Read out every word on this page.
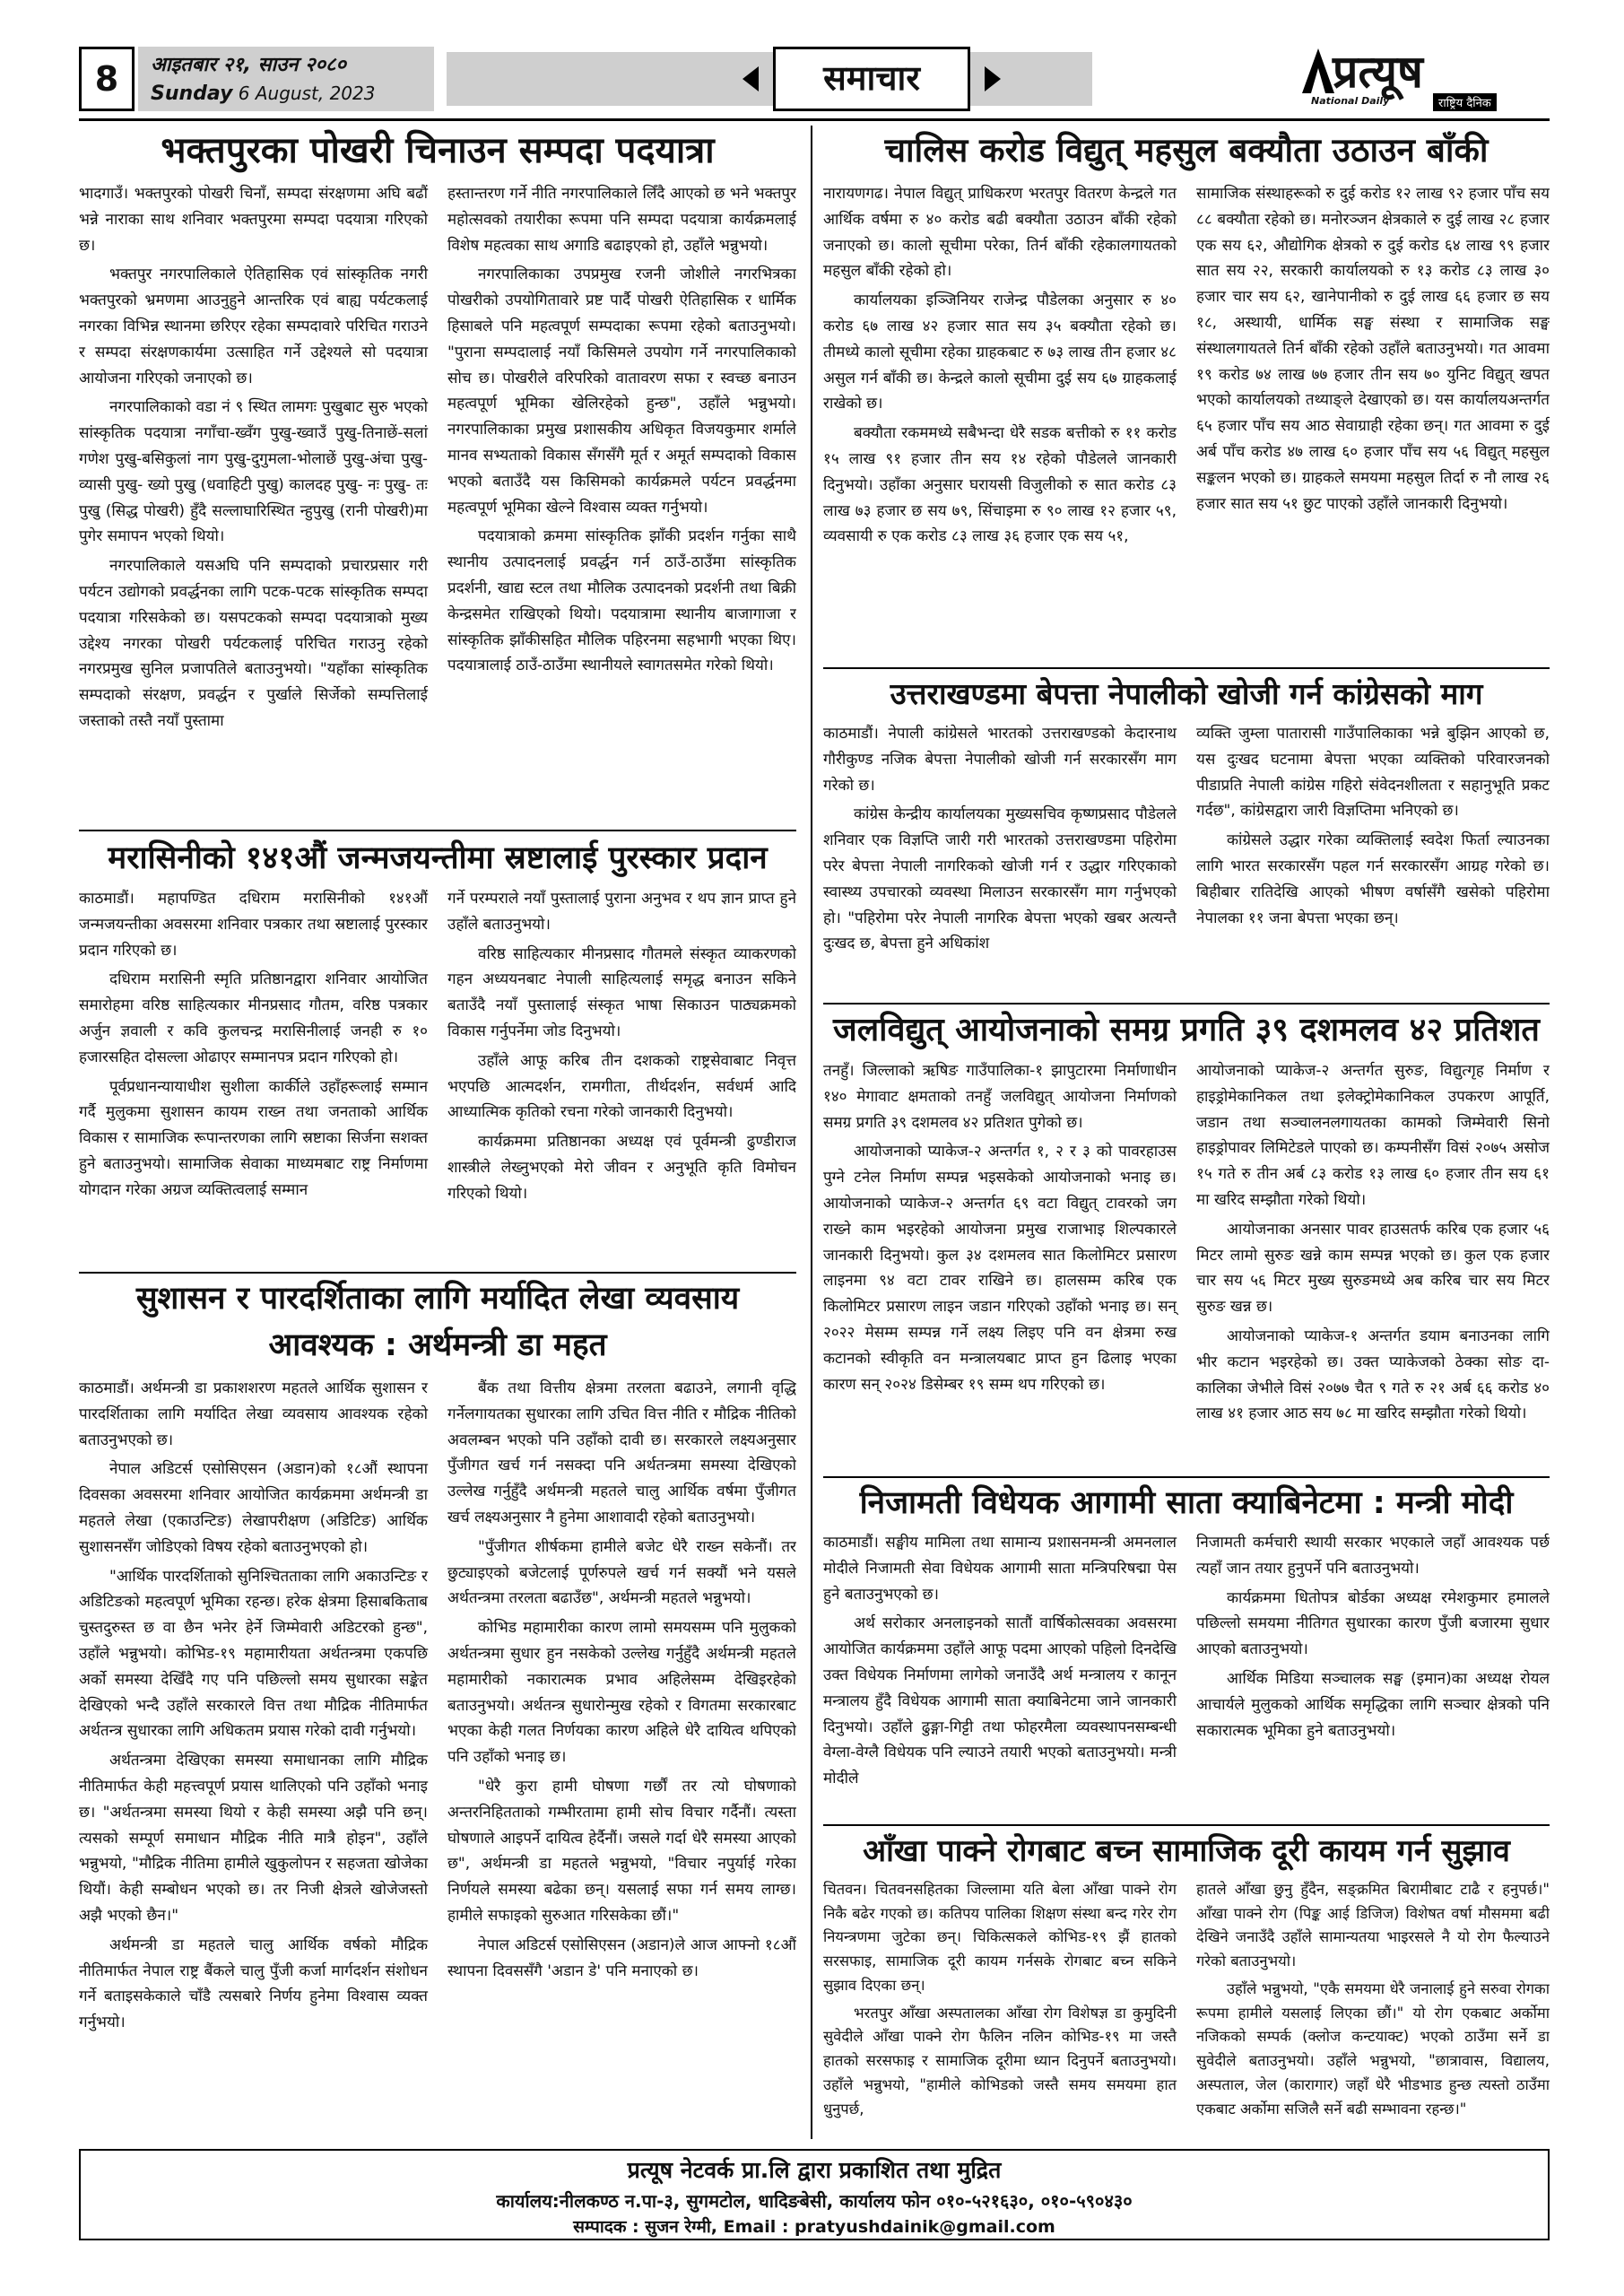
8	आइतबार २१, साउन २०८०
Sunday 6 August, 2023	समाचार	प्रत्यूष
National Daily	राष्ट्रिय दैनिक
भक्तपुरका पोखरी चिनाउन सम्पदा पदयात्रा

भादगाउँ। भक्तपुरको पोखरी चिनाँ, सम्पदा संरक्षणमा अघि बढौं भन्ने नाराका साथ शनिवार भक्तपुरमा सम्पदा पदयात्रा गरिएको छ।

भक्तपुर नगरपालिकाले ऐतिहासिक एवं सांस्कृतिक नगरी भक्तपुरको भ्रमणमा आउनुहुने आन्तरिक एवं बाह्य पर्यटकलाई नगरका विभिन्न स्थानमा छरिएर रहेका सम्पदावारे परिचित गराउने र सम्पदा संरक्षणकार्यमा उत्साहित गर्ने उद्देश्यले सो पदयात्रा आयोजना गरिएको जनाएको छ।

नगरपालिकाको वडा नं ९ स्थित लामगः पुखुबाट सुरु भएको सांस्कृतिक पदयात्रा नगाँचा-ख्वँग पुखु-ख्वाउँ पुखु-तिनाछें-सलां गणेश पुखु-बसिकुलां नाग पुखु-दुगुमला-भोलाछें पुखु-अंचा पुखु- व्यासी पुखु- ख्यो पुखु (धवाहिटी पुखु) कालदह पुखु- नः पुखु- तः पुखु (सिद्ध पोखरी) हुँदै सल्लाघारिस्थित न्हुपुखु (रानी पोखरी)मा पुगेर समापन भएको थियो।

नगरपालिकाले यसअघि पनि सम्पदाको प्रचारप्रसार गरी पर्यटन उद्योगको प्रवर्द्धनका लागि पटक-पटक सांस्कृतिक सम्पदा पदयात्रा गरिसकेको छ। यसपटकको सम्पदा पदयात्राको मुख्य उद्देश्य नगरका पोखरी पर्यटकलाई परिचित गराउनु रहेको नगरप्रमुख सुनिल प्रजापतिले बताउनुभयो। "यहाँका सांस्कृतिक सम्पदाको संरक्षण, प्रवर्द्धन र पुर्खाले सिर्जेको सम्पत्तिलाई जस्ताको तस्तै नयाँ पुस्तामा

हस्तान्तरण गर्ने नीति नगरपालिकाले लिँदै आएको छ भने भक्तपुर महोत्सवको तयारीका रूपमा पनि सम्पदा पदयात्रा कार्यक्रमलाई विशेष महत्वका साथ अगाडि बढाइएको हो, उहाँले भन्नुभयो।

नगरपालिकाका उपप्रमुख रजनी जोशीले नगरभित्रका पोखरीको उपयोगितावारे प्रष्ट पार्दै पोखरी ऐतिहासिक र धार्मिक हिसाबले पनि महत्वपूर्ण सम्पदाका रूपमा रहेको बताउनुभयो। "पुराना सम्पदालाई नयाँ किसिमले उपयोग गर्ने नगरपालिकाको सोच छ। पोखरीले वरिपरिको वातावरण सफा र स्वच्छ बनाउन महत्वपूर्ण भूमिका खेलिरहेको हुन्छ", उहाँले भन्नुभयो। नगरपालिकाका प्रमुख प्रशासकीय अधिकृत विजयकुमार शर्माले मानव सभ्यताको विकास सँगसँगै मूर्त र अमूर्त सम्पदाको विकास भएको बताउँदै यस किसिमको कार्यक्रमले पर्यटन प्रवर्द्धनमा महत्वपूर्ण भूमिका खेल्ने विश्वास व्यक्त गर्नुभयो।

पदयात्राको क्रममा सांस्कृतिक झाँकी प्रदर्शन गर्नुका साथै स्थानीय उत्पादनलाई प्रवर्द्धन गर्न ठाउँ-ठाउँमा सांस्कृतिक प्रदर्शनी, खाद्य स्टल तथा मौलिक उत्पादनको प्रदर्शनी तथा बिक्री केन्द्रसमेत राखिएको थियो। पदयात्रामा स्थानीय बाजागाजा र सांस्कृतिक झाँकीसहित मौलिक पहिरनमा सहभागी भएका थिए। पदयात्रालाई ठाउँ-ठाउँमा स्थानीयले स्वागतसमेत गरेको थियो।

मरासिनीको १४१औं जन्मजयन्तीमा स्रष्टालाई पुरस्कार प्रदान

काठमाडौं। महापण्डित दधिराम मरासिनीको १४१औं जन्मजयन्तीका अवसरमा शनिवार पत्रकार तथा स्रष्टालाई पुरस्कार प्रदान गरिएको छ।

दधिराम मरासिनी स्मृति प्रतिष्ठानद्वारा शनिवार आयोजित समारोहमा वरिष्ठ साहित्यकार मीनप्रसाद गौतम, वरिष्ठ पत्रकार अर्जुन ज्ञवाली र कवि कुलचन्द्र मरासिनीलाई जनही रु १० हजारसहित दोसल्ला ओढाएर सम्मानपत्र प्रदान गरिएको हो।

पूर्वप्रधानन्यायाधीश सुशीला कार्कीले उहाँहरूलाई सम्मान गर्दै मुलुकमा सुशासन कायम राख्न तथा जनताको आर्थिक विकास र सामाजिक रूपान्तरणका लागि स्रष्टाका सिर्जना सशक्त हुने बताउनुभयो। सामाजिक सेवाका माध्यमबाट राष्ट्र निर्माणमा योगदान गरेका अग्रज व्यक्तित्वलाई सम्मान

गर्ने परम्पराले नयाँ पुस्तालाई पुराना अनुभव र थप ज्ञान प्राप्त हुने उहाँले बताउनुभयो।

वरिष्ठ साहित्यकार मीनप्रसाद गौतमले संस्कृत व्याकरणको गहन अध्ययनबाट नेपाली साहित्यलाई समृद्ध बनाउन सकिने बताउँदै नयाँ पुस्तालाई संस्कृत भाषा सिकाउन पाठ्यक्रमको विकास गर्नुपर्नेमा जोड दिनुभयो।

उहाँले आफू करिब तीन दशकको राष्ट्रसेवाबाट निवृत्त भएपछि आत्मदर्शन, रामगीता, तीर्थदर्शन, सर्वधर्म आदि आध्यात्मिक कृतिको रचना गरेको जानकारी दिनुभयो।

कार्यक्रममा प्रतिष्ठानका अध्यक्ष एवं पूर्वमन्त्री ढुण्डीराज शास्त्रीले लेख्नुभएको मेरो जीवन र अनुभूति कृति विमोचन गरिएको थियो।

सुशासन र पारदर्शिताका लागि मर्यादित लेखा व्यवसाय
आवश्यक : अर्थमन्त्री डा महत

काठमाडौं। अर्थमन्त्री डा प्रकाशशरण महतले आर्थिक सुशासन र पारदर्शिताका लागि मर्यादित लेखा व्यवसाय आवश्यक रहेको बताउनुभएको छ।

नेपाल अडिटर्स एसोसिएसन (अडान)को १८औं स्थापना दिवसका अवसरमा शनिवार आयोजित कार्यक्रममा अर्थमन्त्री डा महतले लेखा (एकाउन्टिङ) लेखापरीक्षण (अडिटिङ) आर्थिक सुशासनसँग जोडिएको विषय रहेको बताउनुभएको हो।

"आर्थिक पारदर्शिताको सुनिश्चितताका लागि अकाउन्टिङ र अडिटिङको महत्वपूर्ण भूमिका रहन्छ। हरेक क्षेत्रमा हिसाबकिताब चुस्तदुरुस्त छ वा छैन भनेर हेर्ने जिम्मेवारी अडिटरको हुन्छ", उहाँले भन्नुभयो। कोभिड-१९ महामारीयता अर्थतन्त्रमा एकपछि अर्को समस्या देखिँदै गए पनि पछिल्लो समय सुधारका सङ्केत देखिएको भन्दै उहाँले सरकारले वित्त तथा मौद्रिक नीतिमार्फत अर्थतन्त्र सुधारका लागि अधिकतम प्रयास गरेको दावी गर्नुभयो।

अर्थतन्त्रमा देखिएका समस्या समाधानका लागि मौद्रिक नीतिमार्फत केही महत्त्वपूर्ण प्रयास थालिएको पनि उहाँको भनाइ छ। "अर्थतन्त्रमा समस्या थियो र केही समस्या अझै पनि छन्। त्यसको सम्पूर्ण समाधान मौद्रिक नीति मात्रै होइन", उहाँले भन्नुभयो, "मौद्रिक नीतिमा हामीले खुकुलोपन र सहजता खोजेका थियौं। केही सम्बोधन भएको छ। तर निजी क्षेत्रले खोजेजस्तो अझै भएको छैन।"

अर्थमन्त्री डा महतले चालु आर्थिक वर्षको मौद्रिक नीतिमार्फत नेपाल राष्ट्र बैंकले चालु पुँजी कर्जा मार्गदर्शन संशोधन गर्ने बताइसकेकाले चाँडै त्यसबारे निर्णय हुनेमा विश्वास व्यक्त गर्नुभयो।

बैंक तथा वित्तीय क्षेत्रमा तरलता बढाउने, लगानी वृद्धि गर्नेलगायतका सुधारका लागि उचित वित्त नीति र मौद्रिक नीतिको अवलम्बन भएको पनि उहाँको दावी छ। सरकारले लक्ष्यअनुसार पुँजीगत खर्च गर्न नसक्दा पनि अर्थतन्त्रमा समस्या देखिएको उल्लेख गर्नुहुँदै अर्थमन्त्री महतले चालु आर्थिक वर्षमा पुँजीगत खर्च लक्ष्यअनुसार नै हुनेमा आशावादी रहेको बताउनुभयो।

"पुँजीगत शीर्षकमा हामीले बजेट धेरै राख्न सकेनौं। तर छुट्याइएको बजेटलाई पूर्णरुपले खर्च गर्न सक्यौं भने यसले अर्थतन्त्रमा तरलता बढाउँछ", अर्थमन्त्री महतले भन्नुभयो।

कोभिड महामारीका कारण लामो समयसम्म पनि मुलुकको अर्थतन्त्रमा सुधार हुन नसकेको उल्लेख गर्नुहुँदै अर्थमन्त्री महतले महामारीको नकारात्मक प्रभाव अहिलेसम्म देखिइरहेको बताउनुभयो। अर्थतन्त्र सुधारोन्मुख रहेको र विगतमा सरकारबाट भएका केही गलत निर्णयका कारण अहिले धेरै दायित्व थपिएको पनि उहाँको भनाइ छ।

"धेरै कुरा हामी घोषणा गर्छौं तर त्यो घोषणाको अन्तरनिहितताको गम्भीरतामा हामी सोच विचार गर्दैनौं। त्यस्ता घोषणाले आइपर्ने दायित्व हेर्दैनौं। जसले गर्दा धेरै समस्या आएको छ", अर्थमन्त्री डा महतले भन्नुभयो, "विचार नपुर्याई गरेका निर्णयले समस्या बढेका छन्। यसलाई सफा गर्न समय लाग्छ। हामीले सफाइको सुरुआत गरिसकेका छौं।"

नेपाल अडिटर्स एसोसिएसन (अडान)ले आज आफ्नो १८औं स्थापना दिवससँगै 'अडान डे' पनि मनाएको छ।

चालिस करोड विद्युत् महसुल बक्यौता उठाउन बाँकी

नारायणगढ। नेपाल विद्युत् प्राधिकरण भरतपुर वितरण केन्द्रले गत आर्थिक वर्षमा रु ४० करोड बढी बक्यौता उठाउन बाँकी रहेको जनाएको छ। कालो सूचीमा परेका, तिर्न बाँकी रहेकालगायतको महसुल बाँकी रहेको हो।

कार्यालयका इञ्जिनियर राजेन्द्र पौडेलका अनुसार रु ४० करोड ६७ लाख ४२ हजार सात सय ३५ बक्यौता रहेको छ। तीमध्ये कालो सूचीमा रहेका ग्राहकबाट रु ७३ लाख तीन हजार ४८ असुल गर्न बाँकी छ। केन्द्रले कालो सूचीमा दुई सय ६७ ग्राहकलाई राखेको छ।

बक्यौता रकममध्ये सबैभन्दा धेरै सडक बत्तीको रु ११ करोड १५ लाख ९१ हजार तीन सय १४ रहेको पौडेलले जानकारी दिनुभयो। उहाँका अनुसार घरायसी विजुलीको रु सात करोड ८३ लाख ७३ हजार छ सय ७९, सिंचाइमा रु ९० लाख १२ हजार ५९, व्यवसायी रु एक करोड ८३ लाख ३६ हजार एक सय ५१,

सामाजिक संस्थाहरूको रु दुई करोड १२ लाख ९२ हजार पाँच सय ८८ बक्यौता रहेको छ। मनोरञ्जन क्षेत्रकाले रु दुई लाख २८ हजार एक सय ६२, औद्योगिक क्षेत्रको रु दुई करोड ६४ लाख ९९ हजार सात सय २२, सरकारी कार्यालयको रु १३ करोड ८३ लाख ३० हजार चार सय ६२, खानेपानीको रु दुई लाख ६६ हजार छ सय १८, अस्थायी, धार्मिक सङ्घ संस्था र सामाजिक सङ्घ संस्थालगायतले तिर्न बाँकी रहेको उहाँले बताउनुभयो। गत आवमा १९ करोड ७४ लाख ७७ हजार तीन सय ७० युनिट विद्युत् खपत भएको कार्यालयको तथ्याङ्ले देखाएको छ। यस कार्यालयअन्तर्गत ६५ हजार पाँच सय आठ सेवाग्राही रहेका छन्। गत आवमा रु दुई अर्ब पाँच करोड ४७ लाख ६० हजार पाँच सय ५६ विद्युत् महसुल सङ्कलन भएको छ। ग्राहकले समयमा महसुल तिर्दा रु नौ लाख २६ हजार सात सय ५१ छुट पाएको उहाँले जानकारी दिनुभयो।

उत्तराखण्डमा बेपत्ता नेपालीको खोजी गर्न कांग्रेसको माग

काठमाडौं। नेपाली कांग्रेसले भारतको उत्तराखण्डको केदारनाथ गौरीकुण्ड नजिक बेपत्ता नेपालीको खोजी गर्न सरकारसँग माग गरेको छ।

कांग्रेस केन्द्रीय कार्यालयका मुख्यसचिव कृष्णप्रसाद पौडेलले शनिवार एक विज्ञप्ति जारी गरी भारतको उत्तराखण्डमा पहिरोमा परेर बेपत्ता नेपाली नागरिकको खोजी गर्न र उद्धार गरिएकाको स्वास्थ्य उपचारको व्यवस्था मिलाउन सरकारसँग माग गर्नुभएको हो। "पहिरोमा परेर नेपाली नागरिक बेपत्ता भएको खबर अत्यन्तै दुःखद छ, बेपत्ता हुने अधिकांश

व्यक्ति जुम्ला पातारासी गाउँपालिकाका भन्ने बुझिन आएको छ, यस दुःखद घटनामा बेपत्ता भएका व्यक्तिको परिवारजनको पीडाप्रति नेपाली कांग्रेस गहिरो संवेदनशीलता र सहानुभूति प्रकट गर्दछ", कांग्रेसद्वारा जारी विज्ञप्तिमा भनिएको छ।

कांग्रेसले उद्धार गरेका व्यक्तिलाई स्वदेश फिर्ता ल्याउनका लागि भारत सरकारसँग पहल गर्न सरकारसँग आग्रह गरेको छ। बिहीबार रातिदेखि आएको भीषण वर्षासँगै खसेको पहिरोमा नेपालका ११ जना बेपत्ता भएका छन्।

जलविद्युत् आयोजनाको समग्र प्रगति ३९ दशमलव ४२ प्रतिशत

तनहुँ। जिल्लाको ऋषिङ गाउँपालिका-१ झापुटारमा निर्माणाधीन १४० मेगावाट क्षमताको तनहुँ जलविद्युत् आयोजना निर्माणको समग्र प्रगति ३९ दशमलव ४२ प्रतिशत पुगेको छ।

आयोजनाको प्याकेज-२ अन्तर्गत १, २ र ३ को पावरहाउस पुग्ने टनेल निर्माण सम्पन्न भइसकेको आयोजनाको भनाइ छ। आयोजनाको प्याकेज-२ अन्तर्गत ६९ वटा विद्युत् टावरको जग राख्ने काम भइरहेको आयोजना प्रमुख राजाभाइ शिल्पकारले जानकारी दिनुभयो। कुल ३४ दशमलव सात किलोमिटर प्रसारण लाइनमा ९४ वटा टावर राखिने छ। हालसम्म करिब एक किलोमिटर प्रसारण लाइन जडान गरिएको उहाँको भनाइ छ। सन् २०२२ मेसम्म सम्पन्न गर्ने लक्ष्य लिइए पनि वन क्षेत्रमा रुख कटानको स्वीकृति वन मन्त्रालयबाट प्राप्त हुन ढिलाइ भएका कारण सन् २०२४ डिसेम्बर १९ सम्म थप गरिएको छ।

आयोजनाको प्याकेज-२ अन्तर्गत सुरुङ, विद्युत्गृह निर्माण र हाइड्रोमेकानिकल तथा इलेक्ट्रोमेकानिकल उपकरण आपूर्ति, जडान तथा सञ्चालनलगायतका कामको जिम्मेवारी सिनो हाइड्रोपावर लिमिटेडले पाएको छ। कम्पनीसँग विसं २०७५ असोज १५ गते रु तीन अर्ब ८३ करोड १३ लाख ६० हजार तीन सय ६१ मा खरिद सम्झौता गरेको थियो।

आयोजनाका अनसार पावर हाउसतर्फ करिब एक हजार ५६ मिटर लामो सुरुङ खन्ने काम सम्पन्न भएको छ। कुल एक हजार चार सय ५६ मिटर मुख्य सुरुङमध्ये अब करिब चार सय मिटर सुरुङ खन्न छ।

आयोजनाको प्याकेज-१ अन्तर्गत डयाम बनाउनका लागि भीर कटान भइरहेको छ। उक्त प्याकेजको ठेक्का सोङ दा-कालिका जेभीले विसं २०७७ चैत ९ गते रु २१ अर्ब ६६ करोड ४० लाख ४१ हजार आठ सय ७८ मा खरिद सम्झौता गरेको थियो।

निजामती विधेयक आगामी साता क्याबिनेटमा : मन्त्री मोदी

काठमाडौं। सङ्घीय मामिला तथा सामान्य प्रशासनमन्त्री अमनलाल मोदीले निजामती सेवा विधेयक आगामी साता मन्त्रिपरिषद्मा पेस हुने बताउनुभएको छ।

अर्थ सरोकार अनलाइनको सातौं वार्षिकोत्सवका अवसरमा आयोजित कार्यक्रममा उहाँले आफू पदमा आएको पहिलो दिनदेखि उक्त विधेयक निर्माणमा लागेको जनाउँदै अर्थ मन्त्रालय र कानून मन्त्रालय हुँदै विधेयक आगामी साता क्याबिनेटमा जाने जानकारी दिनुभयो। उहाँले ढुङ्गा-गिट्टी तथा फोहरमैला व्यवस्थापनसम्बन्धी वेग्ला-वेग्लै विधेयक पनि ल्याउने तयारी भएको बताउनुभयो। मन्त्री मोदीले

निजामती कर्मचारी स्थायी सरकार भएकाले जहाँ आवश्यक पर्छ त्यहाँ जान तयार हुनुपर्ने पनि बताउनुभयो।

कार्यक्रममा धितोपत्र बोर्डका अध्यक्ष रमेशकुमार हमालले पछिल्लो समयमा नीतिगत सुधारका कारण पुँजी बजारमा सुधार आएको बताउनुभयो।

आर्थिक मिडिया सञ्चालक सङ्घ (इमान)का अध्यक्ष रोयल आचार्यले मुलुकको आर्थिक समृद्धिका लागि सञ्चार क्षेत्रको पनि सकारात्मक भूमिका हुने बताउनुभयो।

आँखा पाक्ने रोगबाट बच्न सामाजिक दूरी कायम गर्न सुझाव

चितवन। चितवनसहितका जिल्लामा यति बेला आँखा पाक्ने रोग निकै बढेर गएको छ। कतिपय पालिका शिक्षण संस्था बन्द गरेर रोग नियन्त्रणमा जुटेका छन्। चिकित्सकले कोभिड-१९ झैं हातको सरसफाइ, सामाजिक दूरी कायम गर्नसके रोगबाट बच्न सकिने सुझाव दिएका छन्।

भरतपुर आँखा अस्पतालका आँखा रोग विशेषज्ञ डा कुमुदिनी सुवेदीले आँखा पाक्ने रोग फैलिन नलिन कोभिड-१९ मा जस्तै हातको सरसफाइ र सामाजिक दूरीमा ध्यान दिनुपर्ने बताउनुभयो। उहाँले भन्नुभयो, "हामीले कोभिडको जस्तै समय समयमा हात धुनुपर्छ,

हातले आँखा छुनु हुँदैन, सङ्क्रमित बिरामीबाट टाढै र हनुपर्छ।" आँखा पाक्ने रोग (पिङ्क आई डिजिज) विशेषत वर्षा मौसममा बढी देखिने जनाउँदै उहाँले सामान्यतया भाइरसले नै यो रोग फैल्याउने गरेको बताउनुभयो।

उहाँले भन्नुभयो, "एकै समयमा धेरै जनालाई हुने सरुवा रोगका रूपमा हामीले यसलाई लिएका छौं।" यो रोग एकबाट अर्कोमा नजिकको सम्पर्क (क्लोज कन्टयाक्ट) भएको ठाउँमा सर्ने डा सुवेदीले बताउनुभयो। उहाँले भन्नुभयो, "छात्रावास, विद्यालय, अस्पताल, जेल (कारागार) जहाँ धेरै भीडभाड हुन्छ त्यस्तो ठाउँमा एकबाट अर्कोमा सजिलै सर्ने बढी सम्भावना रहन्छ।"

प्रत्यूष नेटवर्क प्रा.लि द्वारा प्रकाशित तथा मुद्रित
कार्यालय:नीलकण्ठ न.पा-३, सुगमटोल, धादिङबेसी, कार्यालय फोन ०१०-५२१६३०, ०१०-५९०४३०
सम्पादक : सुजन रेग्मी, Email : pratyushdainik@gmail.com
